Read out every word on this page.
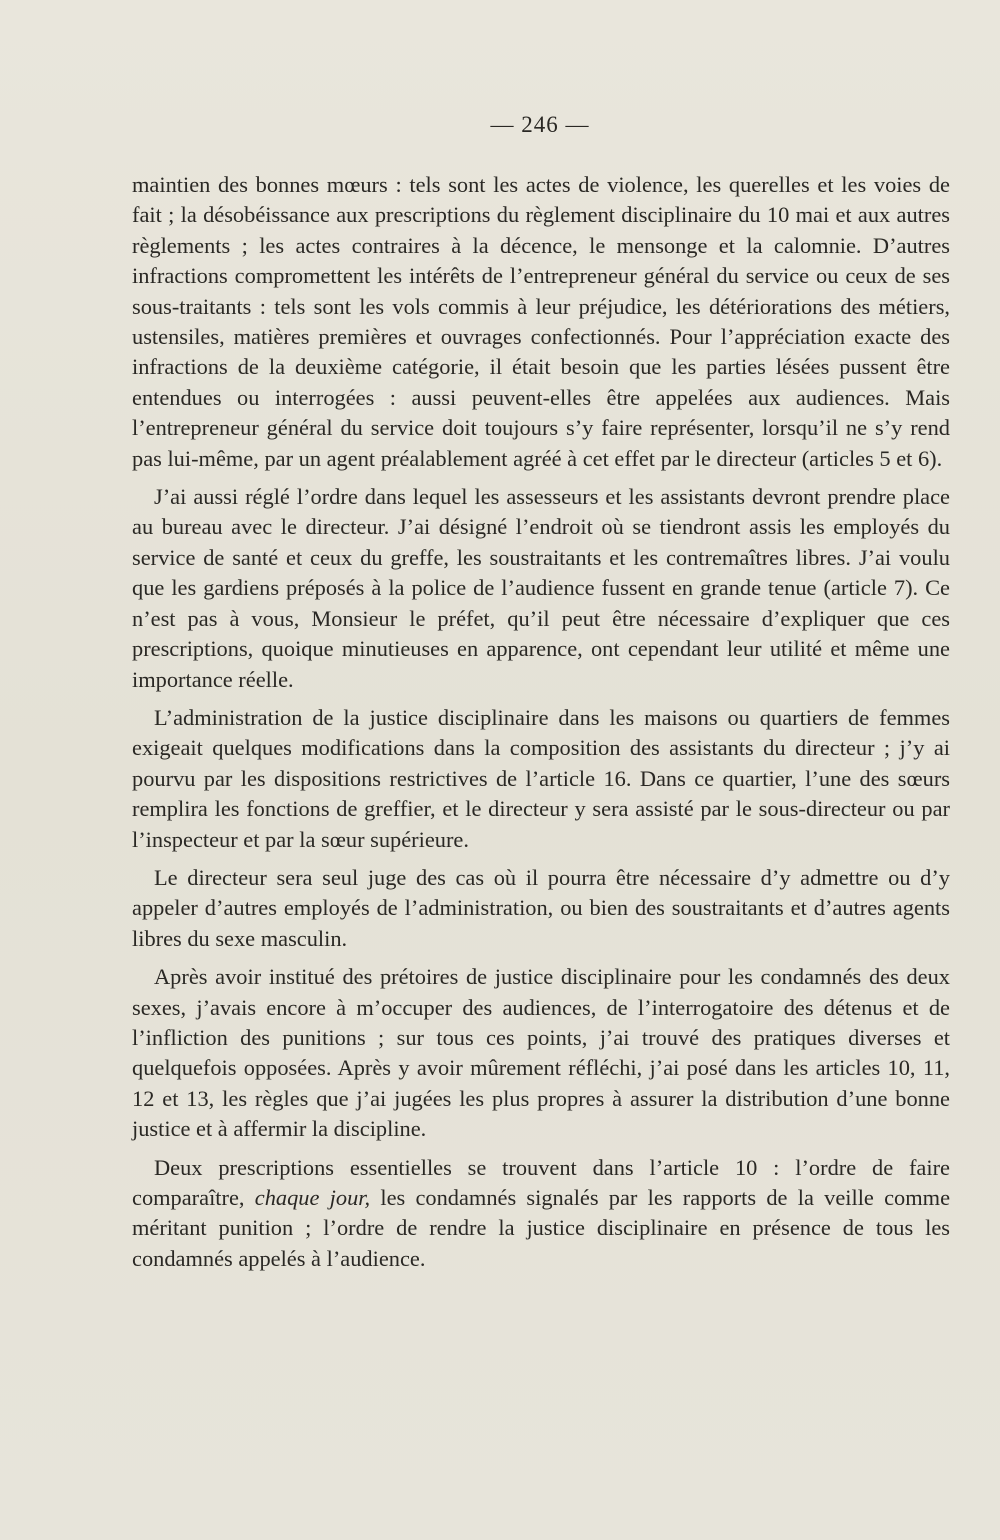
— 246 —

maintien des bonnes mœurs : tels sont les actes de violence, les querelles et les voies de fait ; la désobéissance aux prescriptions du règlement disciplinaire du 10 mai et aux autres règlements ; les actes contraires à la décence, le mensonge et la calomnie. D’autres infractions compromettent les intérêts de l’entrepreneur général du service ou ceux de ses sous-traitants : tels sont les vols commis à leur préjudice, les détériorations des métiers, ustensiles, matières premières et ouvrages confectionnés. Pour l’appréciation exacte des infractions de la deuxième catégorie, il était besoin que les parties lésées pussent être entendues ou interrogées : aussi peuvent-elles être appelées aux audiences. Mais l’entrepreneur général du service doit toujours s’y faire représenter, lorsqu’il ne s’y rend pas lui-même, par un agent préalablement agréé à cet effet par le directeur (articles 5 et 6).

J’ai aussi réglé l’ordre dans lequel les assesseurs et les assistants devront prendre place au bureau avec le directeur. J’ai désigné l’endroit où se tiendront assis les employés du service de santé et ceux du greffe, les soustraitants et les contremaîtres libres. J’ai voulu que les gardiens préposés à la police de l’audience fussent en grande tenue (article 7). Ce n’est pas à vous, Monsieur le préfet, qu’il peut être nécessaire d’expliquer que ces prescriptions, quoique minutieuses en apparence, ont cependant leur utilité et même une importance réelle.

L’administration de la justice disciplinaire dans les maisons ou quartiers de femmes exigeait quelques modifications dans la composition des assistants du directeur ; j’y ai pourvu par les dispositions restrictives de l’article 16. Dans ce quartier, l’une des sœurs remplira les fonctions de greffier, et le directeur y sera assisté par le sous-directeur ou par l’inspecteur et par la sœur supérieure.

Le directeur sera seul juge des cas où il pourra être nécessaire d’y admettre ou d’y appeler d’autres employés de l’administration, ou bien des soustraitants et d’autres agents libres du sexe masculin.

Après avoir institué des prétoires de justice disciplinaire pour les condamnés des deux sexes, j’avais encore à m’occuper des audiences, de l’interrogatoire des détenus et de l’infliction des punitions ; sur tous ces points, j’ai trouvé des pratiques diverses et quelquefois opposées. Après y avoir mûrement réfléchi, j’ai posé dans les articles 10, 11, 12 et 13, les règles que j’ai jugées les plus propres à assurer la distribution d’une bonne justice et à affermir la discipline.

Deux prescriptions essentielles se trouvent dans l’article 10 : l’ordre de faire comparaître, chaque jour, les condamnés signalés par les rapports de la veille comme méritant punition ; l’ordre de rendre la justice disciplinaire en présence de tous les condamnés appelés à l’audience.
